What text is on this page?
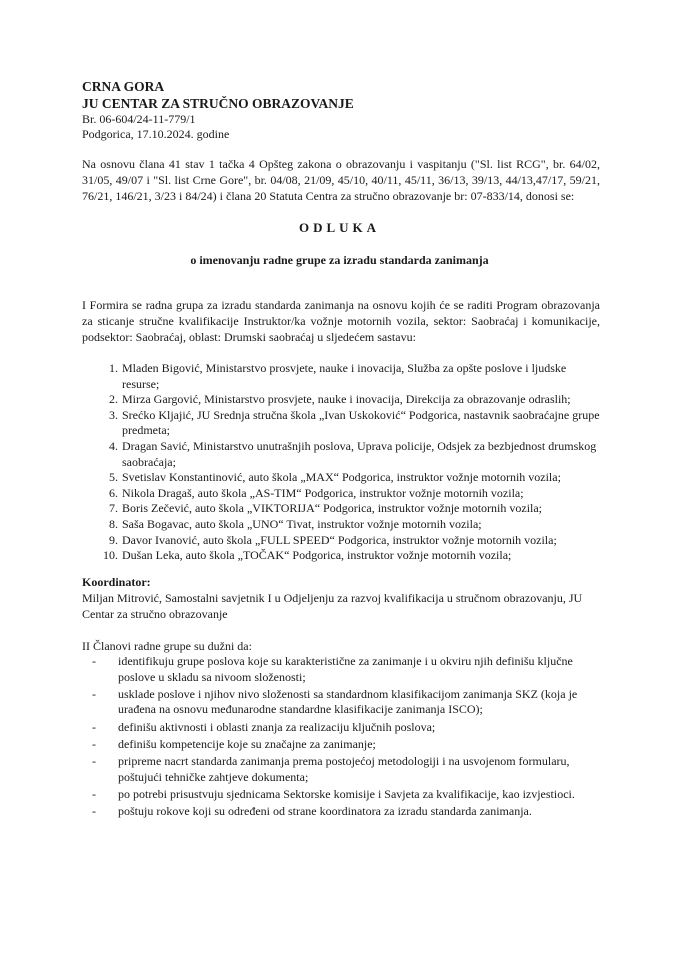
CRNA GORA
JU CENTAR ZA STRUČNO OBRAZOVANJE
Br. 06-604/24-11-779/1
Podgorica, 17.10.2024. godine
Na osnovu člana 41 stav 1 tačka 4 Opšteg zakona o obrazovanju i vaspitanju ("Sl. list RCG", br. 64/02, 31/05, 49/07 i "Sl. list Crne Gore", br. 04/08, 21/09, 45/10, 40/11, 45/11, 36/13, 39/13, 44/13,47/17, 59/21, 76/21, 146/21, 3/23 i 84/24) i člana 20 Statuta Centra za stručno obrazovanje br: 07-833/14, donosi se:
ODLUKA
o imenovanju radne grupe za izradu standarda zanimanja
I Formira se radna grupa za izradu standarda zanimanja na osnovu kojih će se raditi Program obrazovanja za sticanje stručne kvalifikacije Instruktor/ka vožnje motornih vozila, sektor: Saobraćaj i komunikacije, podsektor: Saobraćaj, oblast: Drumski saobraćaj u sljedećem sastavu:
1. Mladen Bigović, Ministarstvo prosvjete, nauke i inovacija, Služba za opšte poslove i ljudske resurse;
2. Mirza Gargović, Ministarstvo prosvjete, nauke i inovacija, Direkcija za obrazovanje odraslih;
3. Srećko Kljajić, JU Srednja stručna škola „Ivan Uskoković“ Podgorica, nastavnik saobraćajne grupe predmeta;
4. Dragan Savić, Ministarstvo unutrašnjih poslova, Uprava policije, Odsjek za bezbjednost drumskog saobraćaja;
5. Svetislav Konstantinović, auto škola „MAX“ Podgorica, instruktor vožnje motornih vozila;
6. Nikola Dragaš, auto škola „AS-TIM“ Podgorica, instruktor vožnje motornih vozila;
7. Boris Zečević, auto škola „VIKTORIJA“ Podgorica, instruktor vožnje motornih vozila;
8. Saša Bogavac, auto škola „UNO“ Tivat, instruktor vožnje motornih vozila;
9. Davor Ivanović, auto škola „FULL SPEED“ Podgorica, instruktor vožnje motornih vozila;
10. Dušan Leka, auto škola „TOČAK“ Podgorica, instruktor vožnje motornih vozila;
Koordinator:
Miljan Mitrović, Samostalni savjetnik I u Odjeljenju za razvoj kvalifikacija u stručnom obrazovanju, JU Centar za stručno obrazovanje
II Članovi radne grupe su dužni da:
- identifikuju grupe poslova koje su karakteristične za zanimanje i u okviru njih definišu ključne poslove u skladu sa nivoom složenosti;
- usklade poslove i njihov nivo složenosti sa standardnom klasifikacijom zanimanja SKZ (koja je urađena na osnovu međunarodne standardne klasifikacije zanimanja ISCO);
- definišu aktivnosti i oblasti znanja za realizaciju ključnih poslova;
- definišu kompetencije koje su značajne za zanimanje;
- pripreme nacrt standarda zanimanja prema postojećoj metodologiji i na usvojenom formularu, poštujući tehničke zahtjeve dokumenta;
- po potrebi prisustvuju sjednicama Sektorske komisije i Savjeta za kvalifikacije, kao izvjestioci.
- poštuju rokove koji su određeni od strane koordinatora za izradu standarda zanimanja.
